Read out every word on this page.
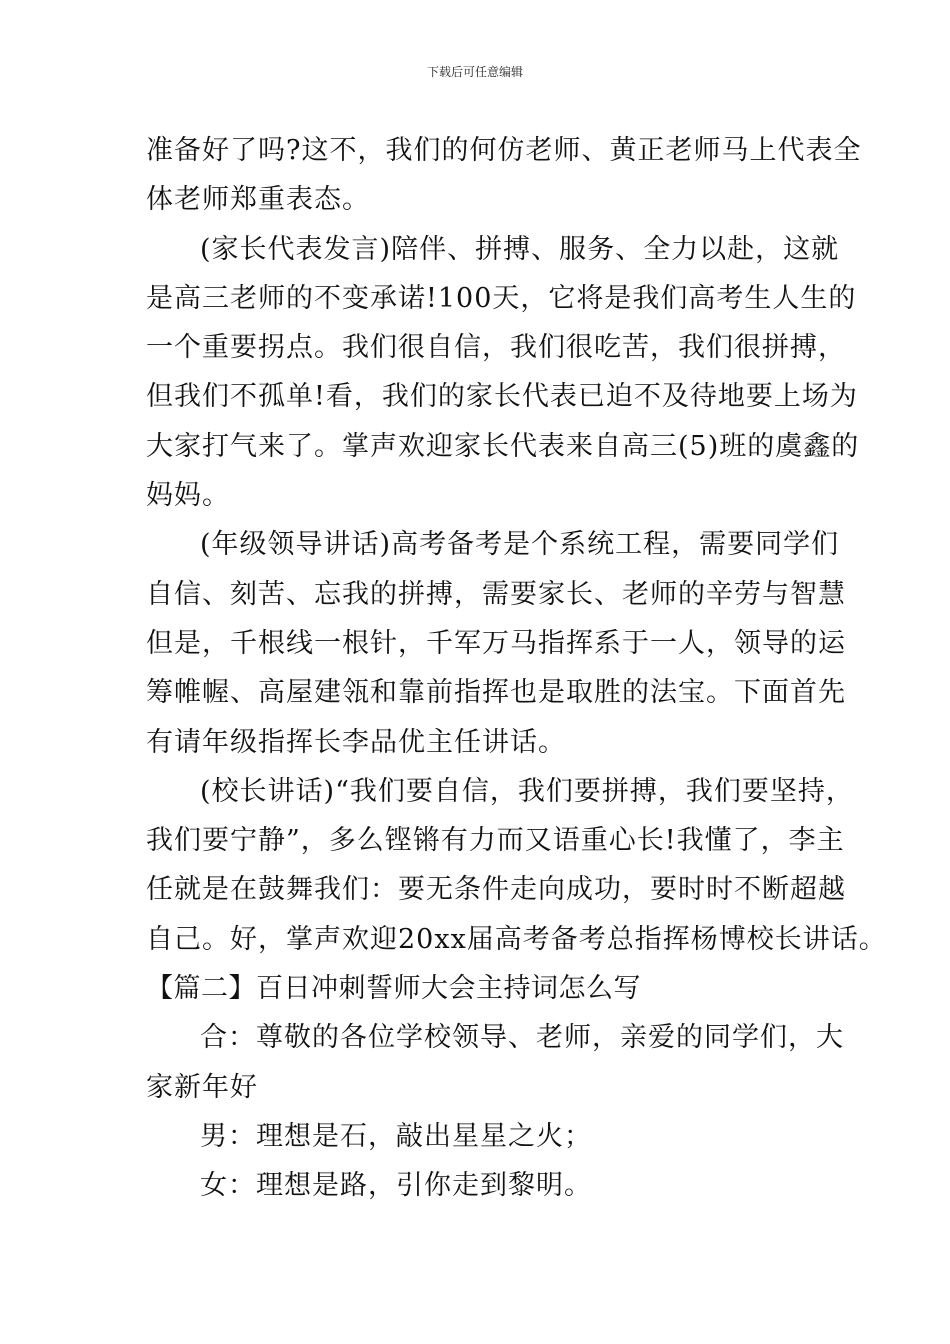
下载后可任意编辑
准备好了吗?这不，我们的何仿老师、黄正老师马上代表全
体老师郑重表态。
(家长代表发言)陪伴、拼搏、服务、全力以赴，这就
是高三老师的不变承诺!100天，它将是我们高考生人生的
一个重要拐点。我们很自信，我们很吃苦，我们很拼搏，
但我们不孤单!看，我们的家长代表已迫不及待地要上场为
大家打气来了。掌声欢迎家长代表来自高三(5)班的虞鑫的
妈妈。
(年级领导讲话)高考备考是个系统工程，需要同学们
自信、刻苦、忘我的拼搏，需要家长、老师的辛劳与智慧
但是，千根线一根针，千军万马指挥系于一人，领导的运
筹帷幄、高屋建瓴和靠前指挥也是取胜的法宝。下面首先
有请年级指挥长李品优主任讲话。
(校长讲话)“我们要自信，我们要拼搏，我们要坚持，
我们要宁静”，多么铿锵有力而又语重心长!我懂了，李主
任就是在鼓舞我们：要无条件走向成功，要时时不断超越
自己。好，掌声欢迎20xx届高考备考总指挥杨博校长讲话。
【篇二】百日冲刺誓师大会主持词怎么写
合：尊敬的各位学校领导、老师，亲爱的同学们，大
家新年好
男：理想是石，敲出星星之火；
女：理想是路，引你走到黎明。
